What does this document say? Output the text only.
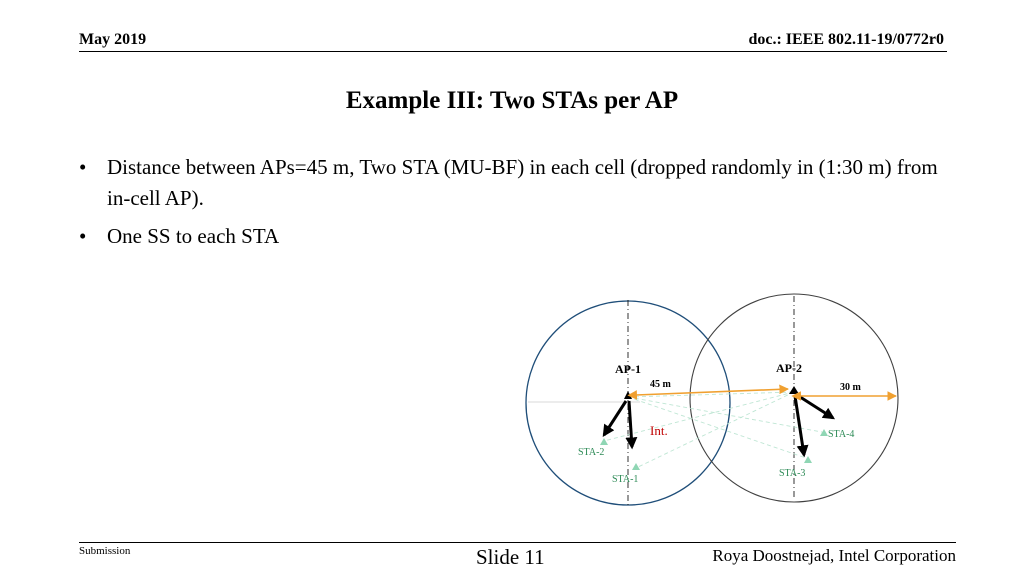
May 2019	doc.: IEEE 802.11-19/0772r0
Example III: Two STAs per AP
• Distance between APs=45 m, Two STA (MU-BF) in each cell (dropped randomly in (1:30 m) from in-cell AP).
• One SS to each STA
AP-1	AP-2
45 m	30 m
Int.
STA-1
STA-2
STA-3
STA-4
Submission	Slide 11	Roya Doostnejad, Intel Corporation
